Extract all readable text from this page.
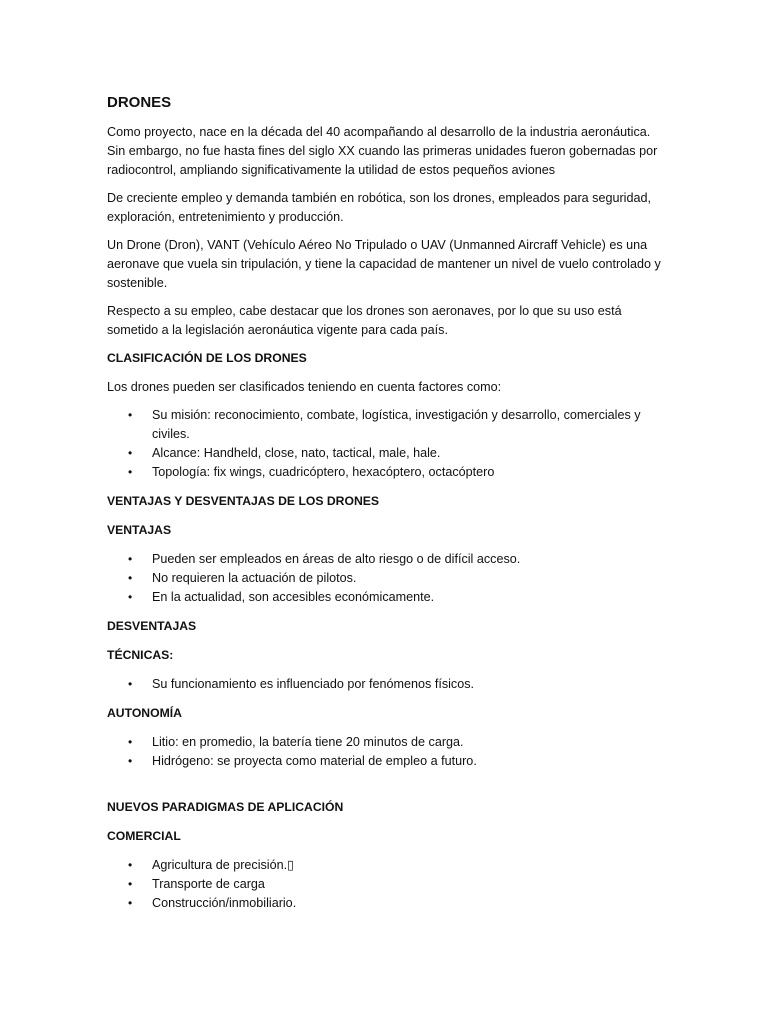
DRONES

Como proyecto, nace en la década del 40 acompañando al desarrollo de la industria aeronáutica. Sin embargo, no fue hasta fines del siglo XX cuando las primeras unidades fueron gobernadas por radiocontrol, ampliando significativamente la utilidad de estos pequeños aviones

De creciente empleo y demanda también en robótica, son los drones, empleados para seguridad, exploración, entretenimiento y producción.

Un Drone (Dron), VANT (Vehículo Aéreo No Tripulado o UAV (Unmanned Aircraff Vehicle) es una aeronave que vuela sin tripulación, y tiene la capacidad de mantener un nivel de vuelo controlado y sostenible.

Respecto a su empleo, cabe destacar que los drones son aeronaves, por lo que su uso está sometido a la legislación aeronáutica vigente para cada país.

CLASIFICACIÓN DE LOS DRONES

Los drones pueden ser clasificados teniendo en cuenta factores como:

• Su misión: reconocimiento, combate, logística, investigación y desarrollo, comerciales y civiles.
• Alcance: Handheld, close, nato, tactical, male, hale.
• Topología: fix wings, cuadricóptero, hexacóptero, octacóptero
VENTAJAS Y DESVENTAJAS DE LOS DRONES
VENTAJAS
• Pueden ser empleados en áreas de alto riesgo o de difícil acceso.
• No requieren la actuación de pilotos.
• En la actualidad, son accesibles económicamente.
DESVENTAJAS
TÉCNICAS:
• Su funcionamiento es influenciado por fenómenos físicos.
AUTONOMÍA
• Litio: en promedio, la batería tiene 20 minutos de carga.
• Hidrógeno: se proyecta como material de empleo a futuro.
NUEVOS PARADIGMAS DE APLICACIÓN
COMERCIAL
• Agricultura de precisión.▯
• Transporte de carga
• Construcción/inmobiliario.
